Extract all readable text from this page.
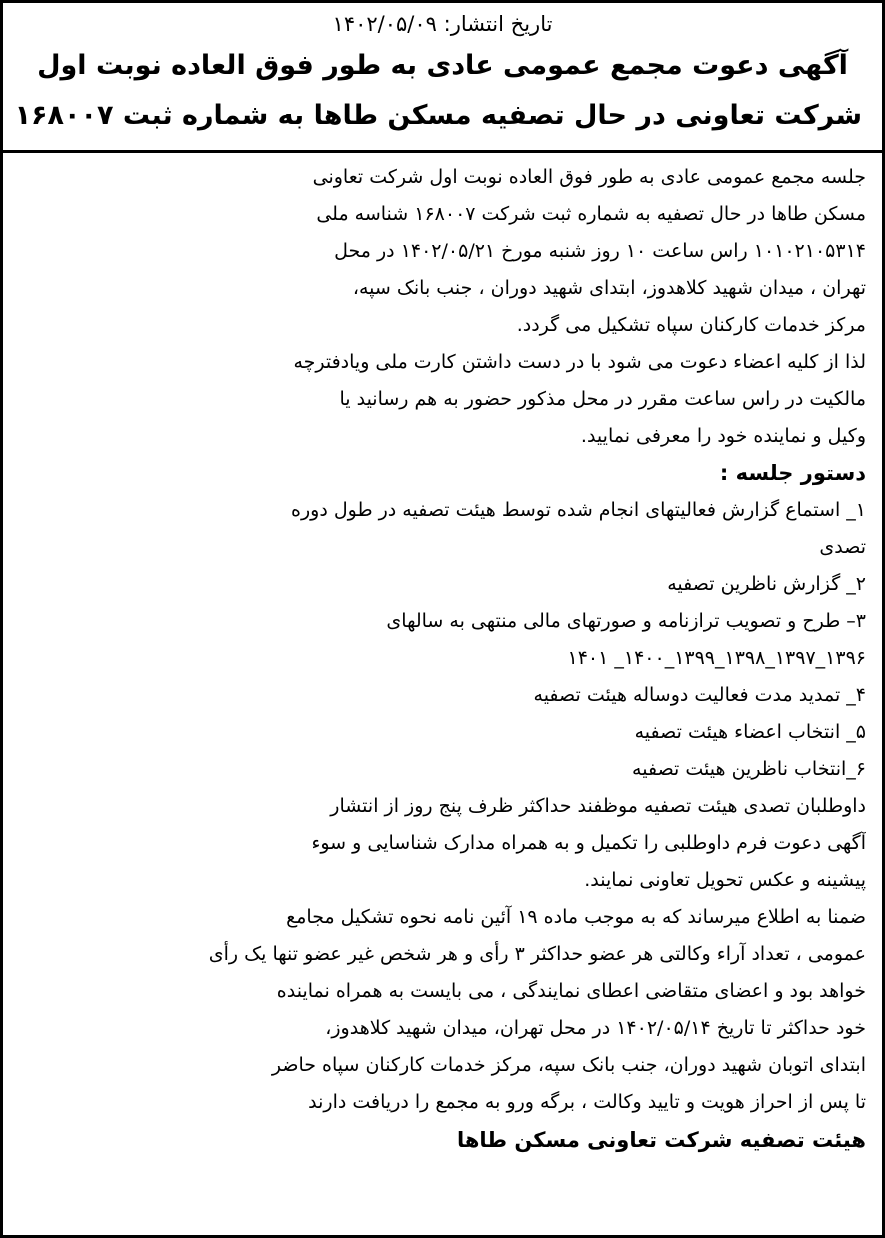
تاریخ انتشار: ۱۴۰۲/۰۵/۰۹
آگهی دعوت مجمع عمومی عادی به طور فوق العاده نوبت اول
شرکت تعاونی در حال تصفیه مسکن طاها به شماره ثبت ۱۶۸۰۰۷
جلسه مجمع عمومی عادی به طور فوق العاده نوبت اول شرکت تعاونی
مسکن طاها در حال تصفیه به شماره ثبت شرکت ۱۶۸۰۰۷ شناسه ملی
۱۰۱۰۲۱۰۵۳۱۴ راس ساعت ۱۰ روز شنبه مورخ ۱۴۰۲/۰۵/۲۱ در محل
تهران ، میدان شهید کلاهدوز، ابتدای شهید دوران ، جنب بانک سپه،
مرکز خدمات کارکنان سپاه تشکیل می گردد.
لذا از کلیه اعضاء دعوت می شود با در دست داشتن کارت ملی ویادفترچه
مالکیت در راس ساعت مقرر در محل مذکور حضور به هم رسانید یا
وکیل و نماینده خود را معرفی نمایید.
دستور جلسه :
۱_ استماع گزارش فعالیتهای انجام شده توسط هیئت تصفیه در طول دوره
تصدی
۲_ گزارش ناظرین تصفیه
۳– طرح و تصویب ترازنامه و صورتهای مالی منتهی به سالهای
۱۳۹۶_۱۳۹۷_۱۳۹۸_۱۳۹۹_۱۴۰۰_ ۱۴۰۱
۴_ تمدید مدت فعالیت دوساله هیئت تصفیه
۵_ انتخاب اعضاء هیئت تصفیه
۶_انتخاب ناظرین هیئت تصفیه
داوطلبان تصدی هیئت تصفیه موظفند حداکثر ظرف پنج روز از انتشار
آگهی دعوت فرم داوطلبی را تکمیل و به همراه مدارک شناسایی و سوء
پیشینه و عکس تحویل تعاونی نمایند.
ضمنا به اطلاع میرساند که به موجب ماده ۱۹ آئین نامه نحوه تشکیل مجامع
عمومی ، تعداد آراء وکالتی هر عضو حداکثر ۳ رأی و هر شخص غیر عضو تنها یک رأی
خواهد بود و اعضای متقاضی اعطای نمایندگی ، می بایست به همراه نماینده
خود حداکثر تا تاریخ ۱۴۰۲/۰۵/۱۴ در محل تهران، میدان شهید کلاهدوز،
ابتدای اتوبان شهید دوران، جنب بانک سپه، مرکز خدمات کارکنان سپاه حاضر
تا پس از احراز هویت و تایید وکالت ، برگه ورو به مجمع را دریافت دارند
هیئت تصفیه شرکت تعاونی مسکن طاها
